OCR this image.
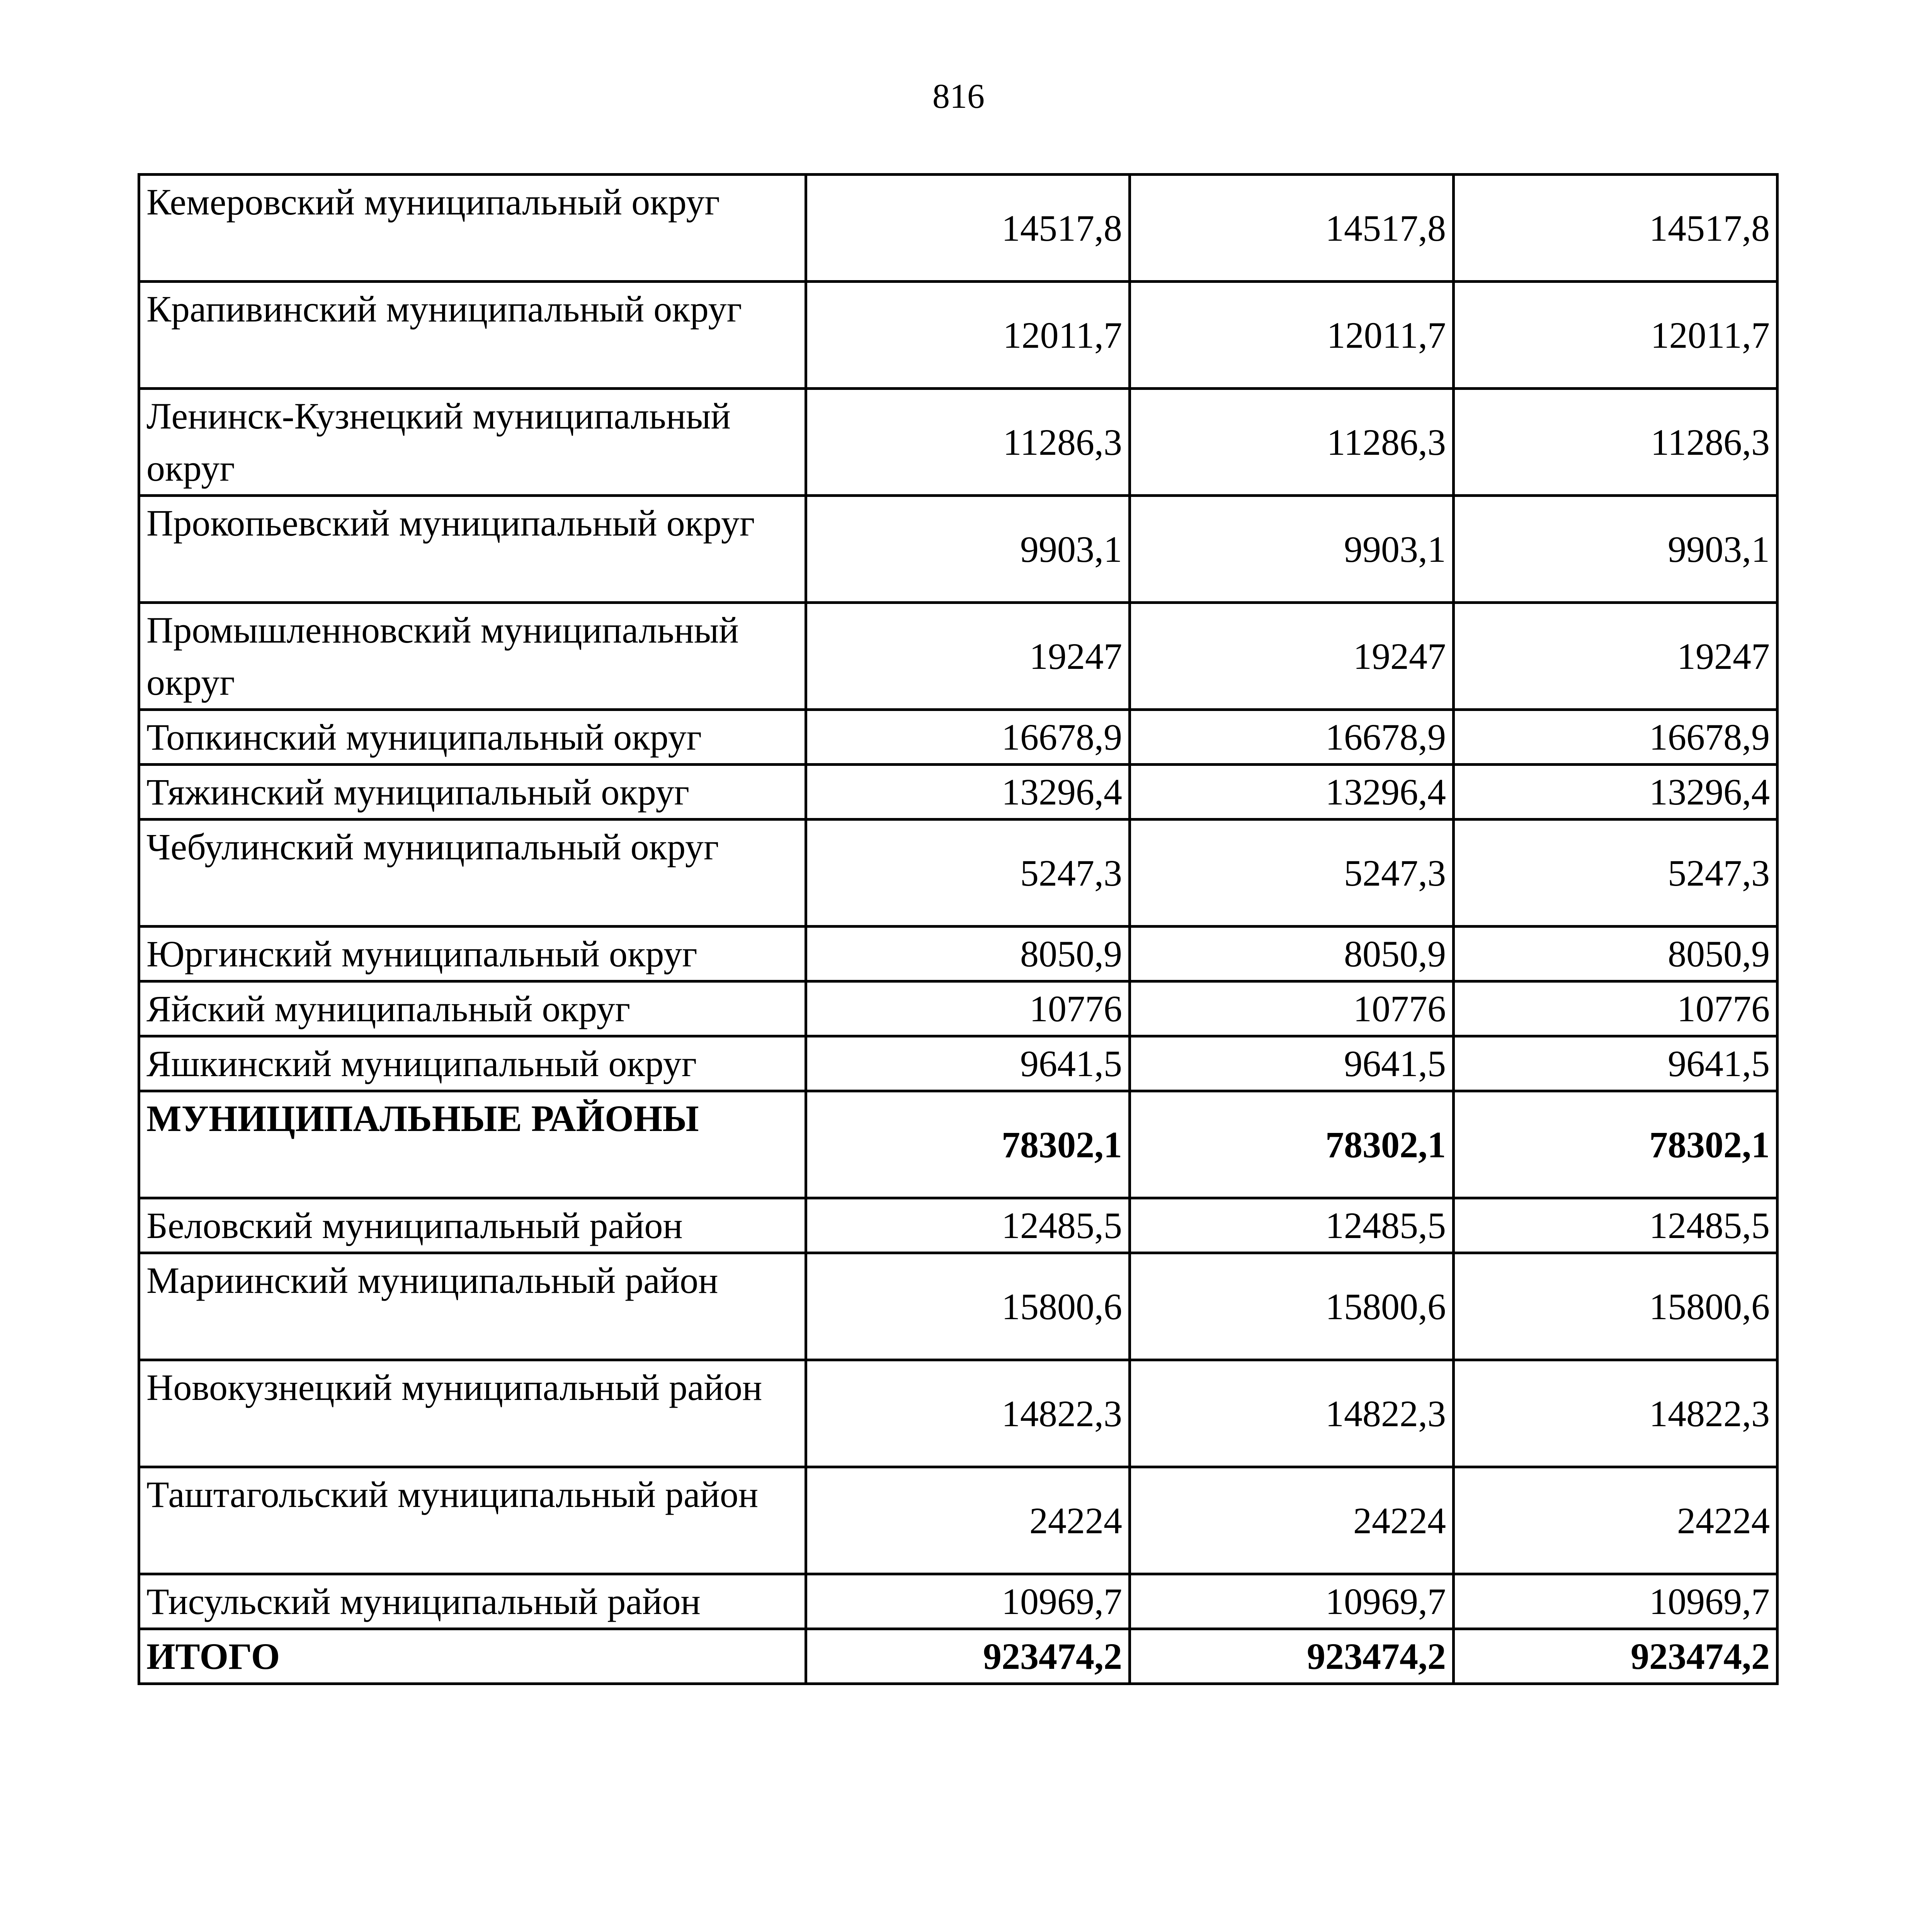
816
Кемеровский муниципальный округ	14517,8	14517,8	14517,8
Крапивинский муниципальный округ	12011,7	12011,7	12011,7
Ленинск-Кузнецкий муниципальный округ	11286,3	11286,3	11286,3
Прокопьевский муниципальный округ	9903,1	9903,1	9903,1
Промышленновский муниципальный округ	19247	19247	19247
Топкинский муниципальный округ	16678,9	16678,9	16678,9
Тяжинский муниципальный округ	13296,4	13296,4	13296,4
Чебулинский муниципальный округ	5247,3	5247,3	5247,3
Юргинский муниципальный округ	8050,9	8050,9	8050,9
Яйский муниципальный округ	10776	10776	10776
Яшкинский муниципальный округ	9641,5	9641,5	9641,5
МУНИЦИПАЛЬНЫЕ РАЙОНЫ	78302,1	78302,1	78302,1
Беловский муниципальный район	12485,5	12485,5	12485,5
Мариинский муниципальный район	15800,6	15800,6	15800,6
Новокузнецкий муниципальный район	14822,3	14822,3	14822,3
Таштагольский муниципальный район	24224	24224	24224
Тисульский муниципальный район	10969,7	10969,7	10969,7
ИТОГО	923474,2	923474,2	923474,2
